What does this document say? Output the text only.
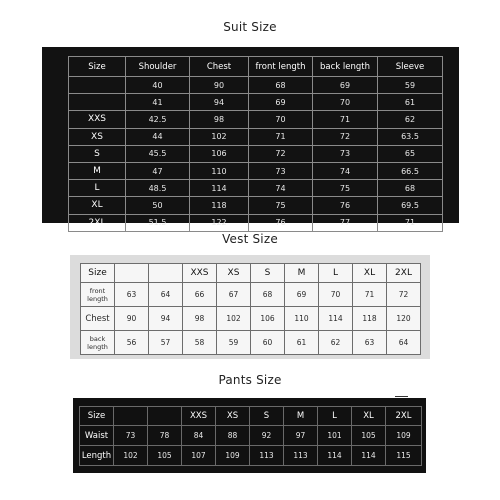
Suit Size
Size	Shoulder	Chest	front length	back length	Sleeve
	40	90	68	69	59
	41	94	69	70	61
XXS	42.5	98	70	71	62
XS	44	102	71	72	63.5
S	45.5	106	72	73	65
M	47	110	73	74	66.5
L	48.5	114	74	75	68
XL	50	118	75	76	69.5
2XL	51.5	122	76	77	71
Vest Size
Size			XXS	XS	S	M	L	XL	2XL
front length	63	64	66	67	68	69	70	71	72
Chest	90	94	98	102	106	110	114	118	120
back length	56	57	58	59	60	61	62	63	64
Pants Size
Size			XXS	XS	S	M	L	XL	2XL
Waist	73	78	84	88	92	97	101	105	109
Length	102	105	107	109	113	113	114	114	115
